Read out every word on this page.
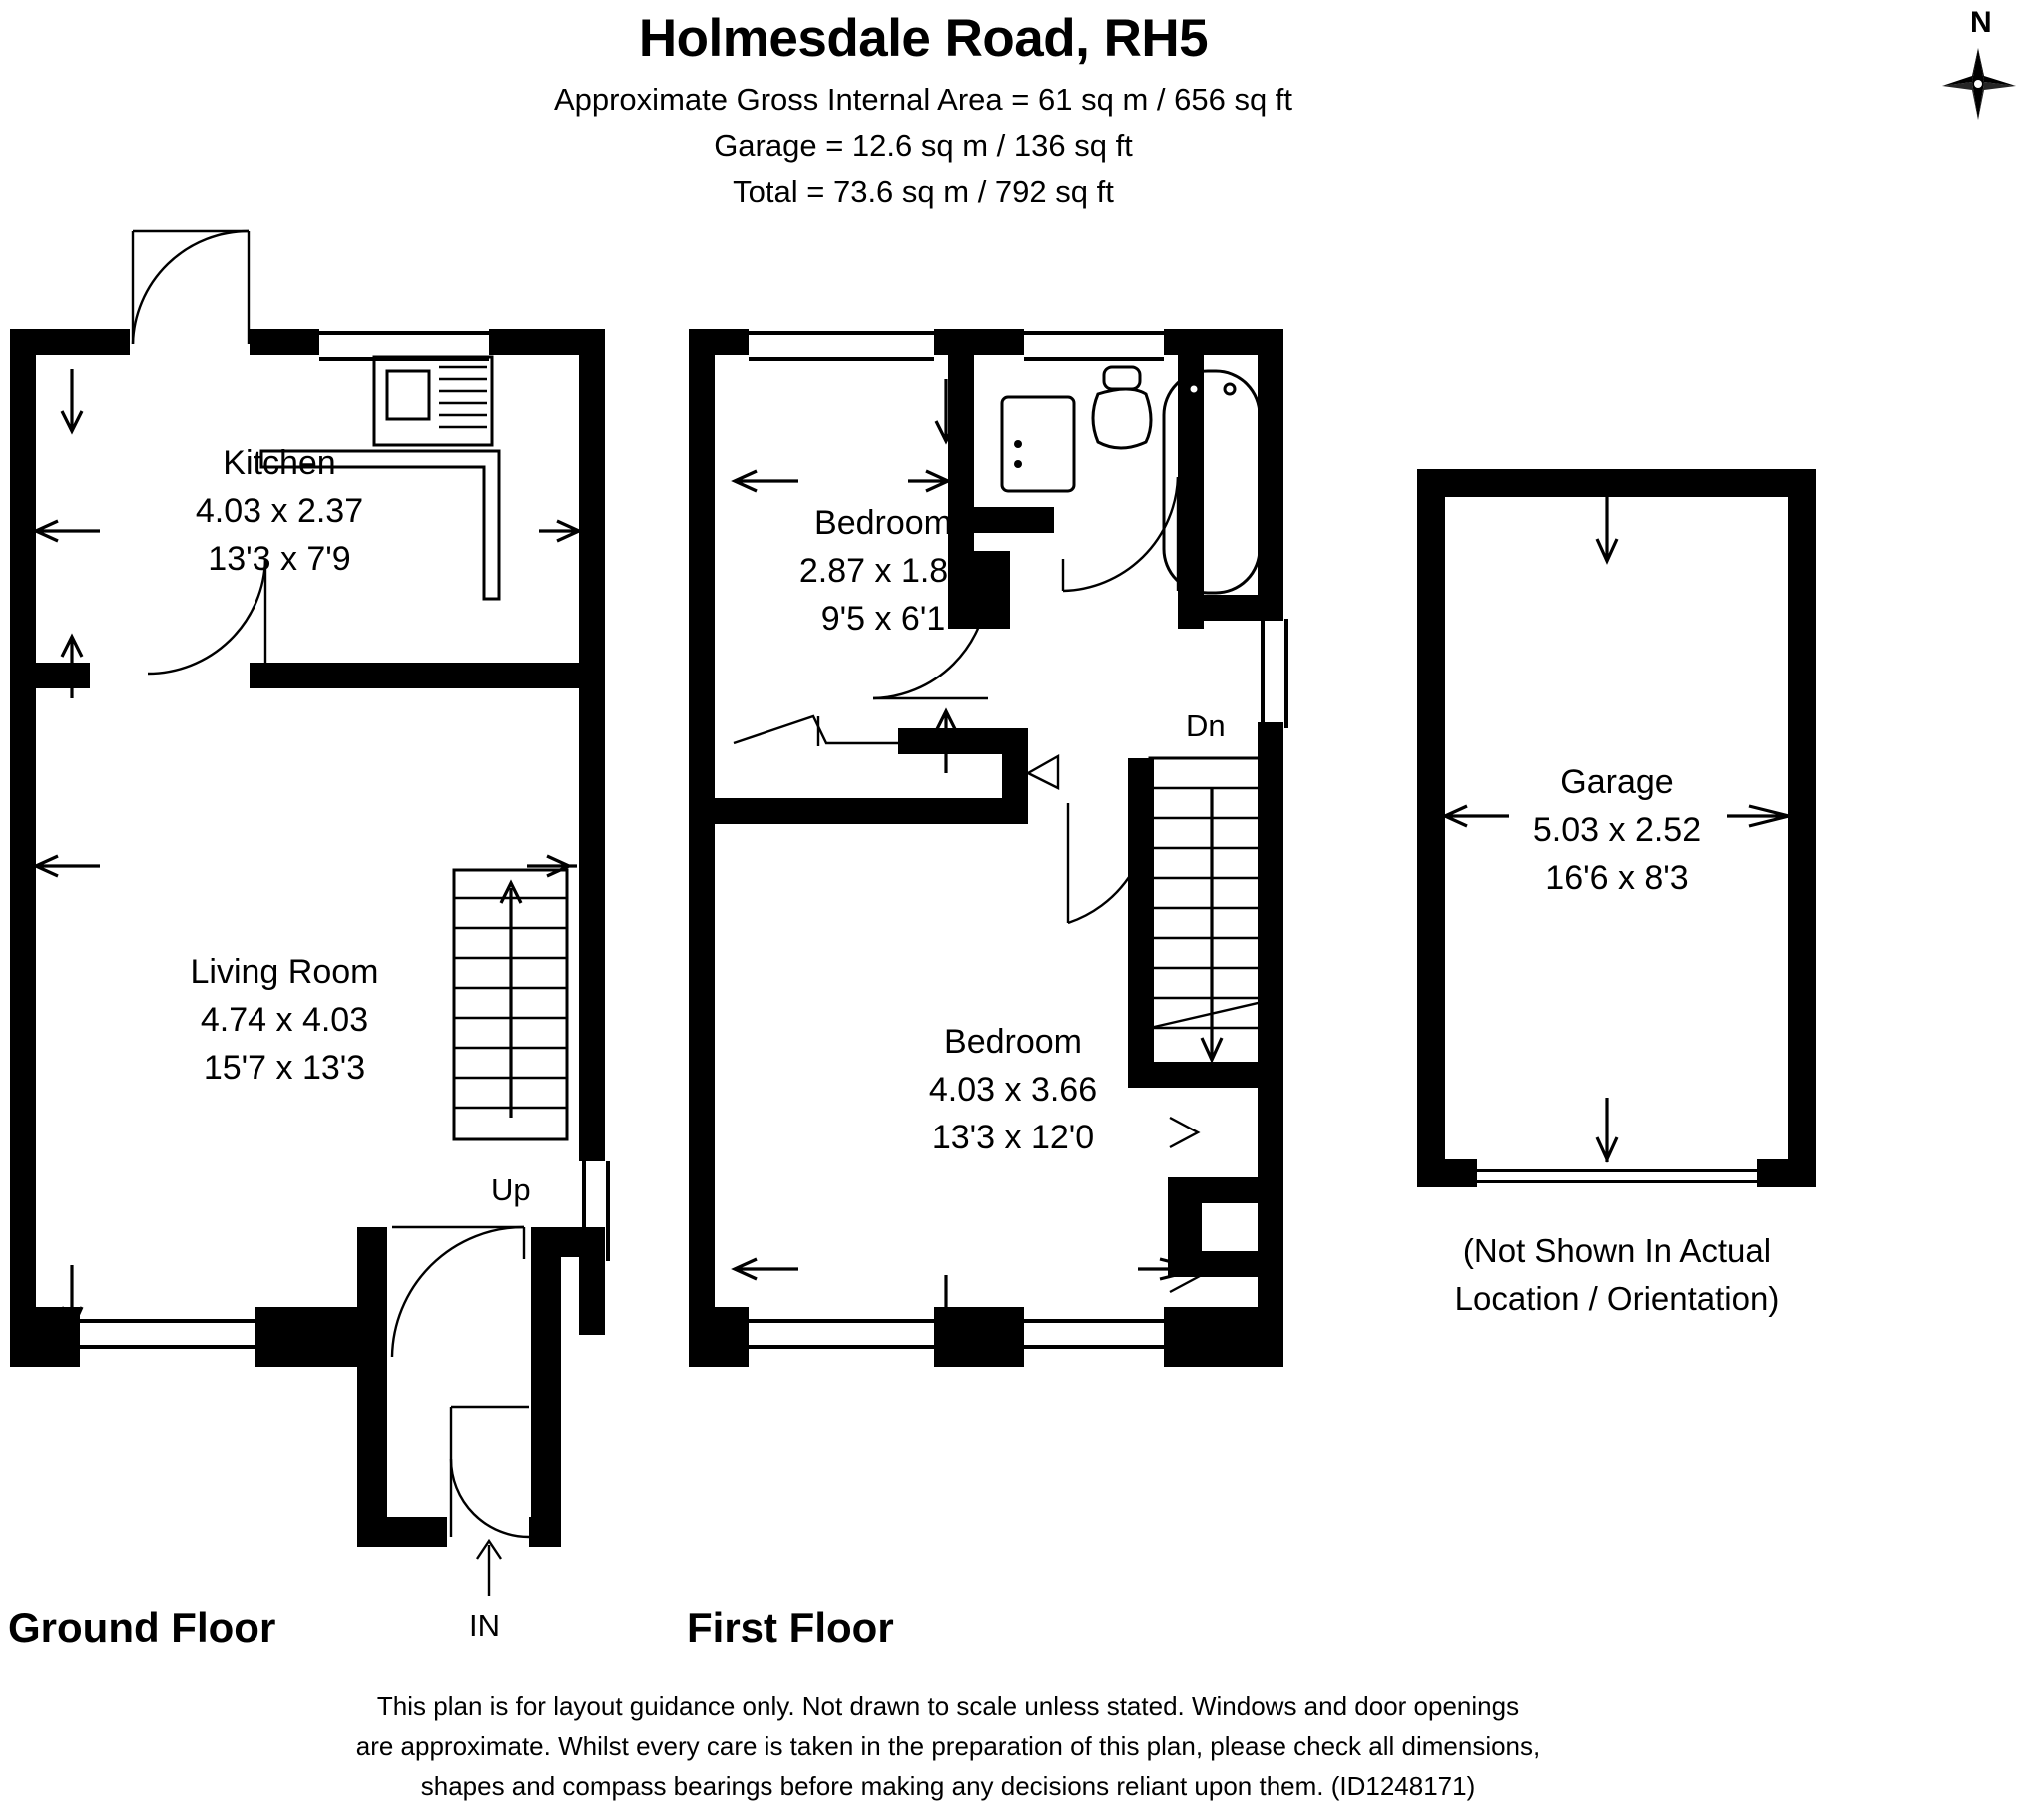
Holmesdale Road, RH5
Approximate Gross Internal Area = 61 sq m / 656 sq ft
Garage = 12.6 sq m / 136 sq ft
Total = 73.6 sq m / 792 sq ft
N
Kitchen
4.03 x 2.37
13'3 x 7'9
Living Room
4.74 x 4.03
15'7 x 13'3
Up
IN
Ground Floor
Bedroom
2.87 x 1.85
9'5 x 6'1
Bedroom
4.03 x 3.66
13'3 x 12'0
Dn
First Floor
Garage
5.03 x 2.52
16'6 x 8'3
(Not Shown In Actual
Location / Orientation)
This plan is for layout guidance only. Not drawn to scale unless stated. Windows and door openings
are approximate. Whilst every care is taken in the preparation of this plan, please check all dimensions,
shapes and compass bearings before making any decisions reliant upon them. (ID1248171)
